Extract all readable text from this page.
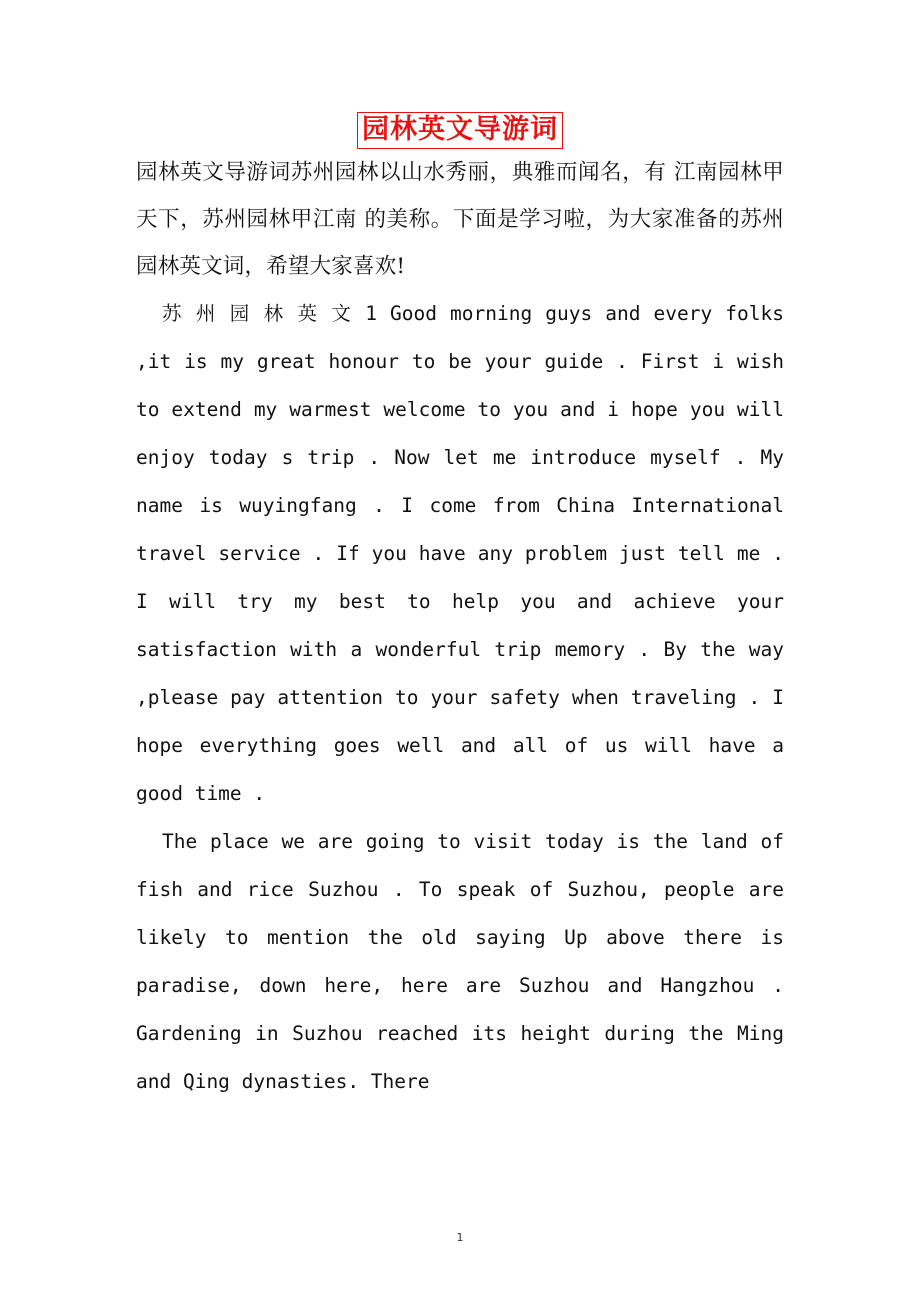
园林英文导游词

园林英文导游词苏州园林以山水秀丽，典雅而闻名，有 江南园林甲天下，苏州园林甲江南 的美称。下面是学习啦，为大家准备的苏州园林英文词，希望大家喜欢!

苏 州 园 林 英 文 1 Good morning guys and every folks ,it is my great honour to be your guide . First i wish to extend my warmest welcome to you and i hope you will enjoy today s trip . Now let me introduce myself . My name is wuyingfang . I come from China International travel service . If you have any problem just tell me . I will try my best to help you and achieve your satisfaction with a wonderful trip memory . By the way ,please pay attention to your safety when traveling . I hope everything goes well and all of us will have a good time .

The place we are going to visit today is the land of fish and rice Suzhou . To speak of Suzhou, people are likely to mention the old saying Up above there is paradise, down here, here are Suzhou and Hangzhou . Gardening in Suzhou reached its height during the Ming and Qing dynasties. There

1
